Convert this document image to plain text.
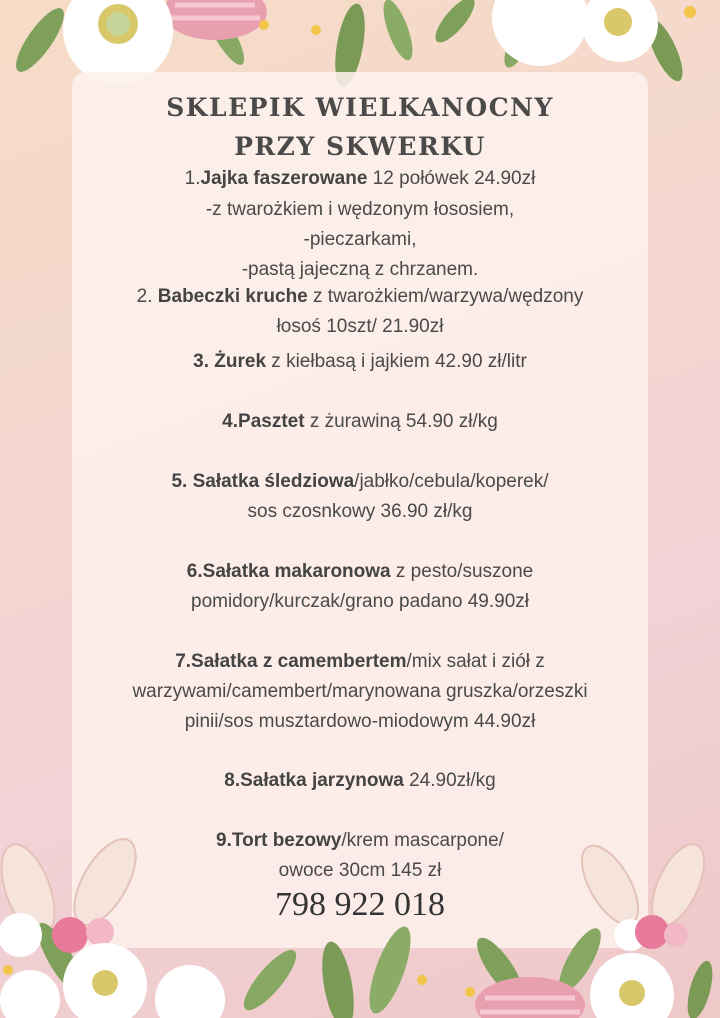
SKLEPIK WIELKANOCNY
PRZY SKWERKU

1.Jajka faszerowane 12 połówek 24.90zł

-z twarożkiem i wędzonym łososiem,

-pieczarkami,

-pastą jajeczną z chrzanem.

2. Babeczki kruche z twarożkiem/warzywa/wędzony

łosoś 10szt/ 21.90zł

3. Żurek z kiełbasą i jajkiem 42.90 zł/litr

4.Pasztet z żurawiną 54.90 zł/kg

5. Sałatka śledziowa/jabłko/cebula/koperek/

sos czosnkowy 36.90 zł/kg

6.Sałatka makaronowa z pesto/suszone

pomidory/kurczak/grano padano 49.90zł

7.Sałatka z camembertem/mix sałat i ziół z

warzywami/camembert/marynowana gruszka/orzeszki

pinii/sos musztardowo-miodowym 44.90zł

8.Sałatka jarzynowa 24.90zł/kg

9.Tort bezowy/krem mascarpone/

owoce 30cm 145 zł

798 922 018
